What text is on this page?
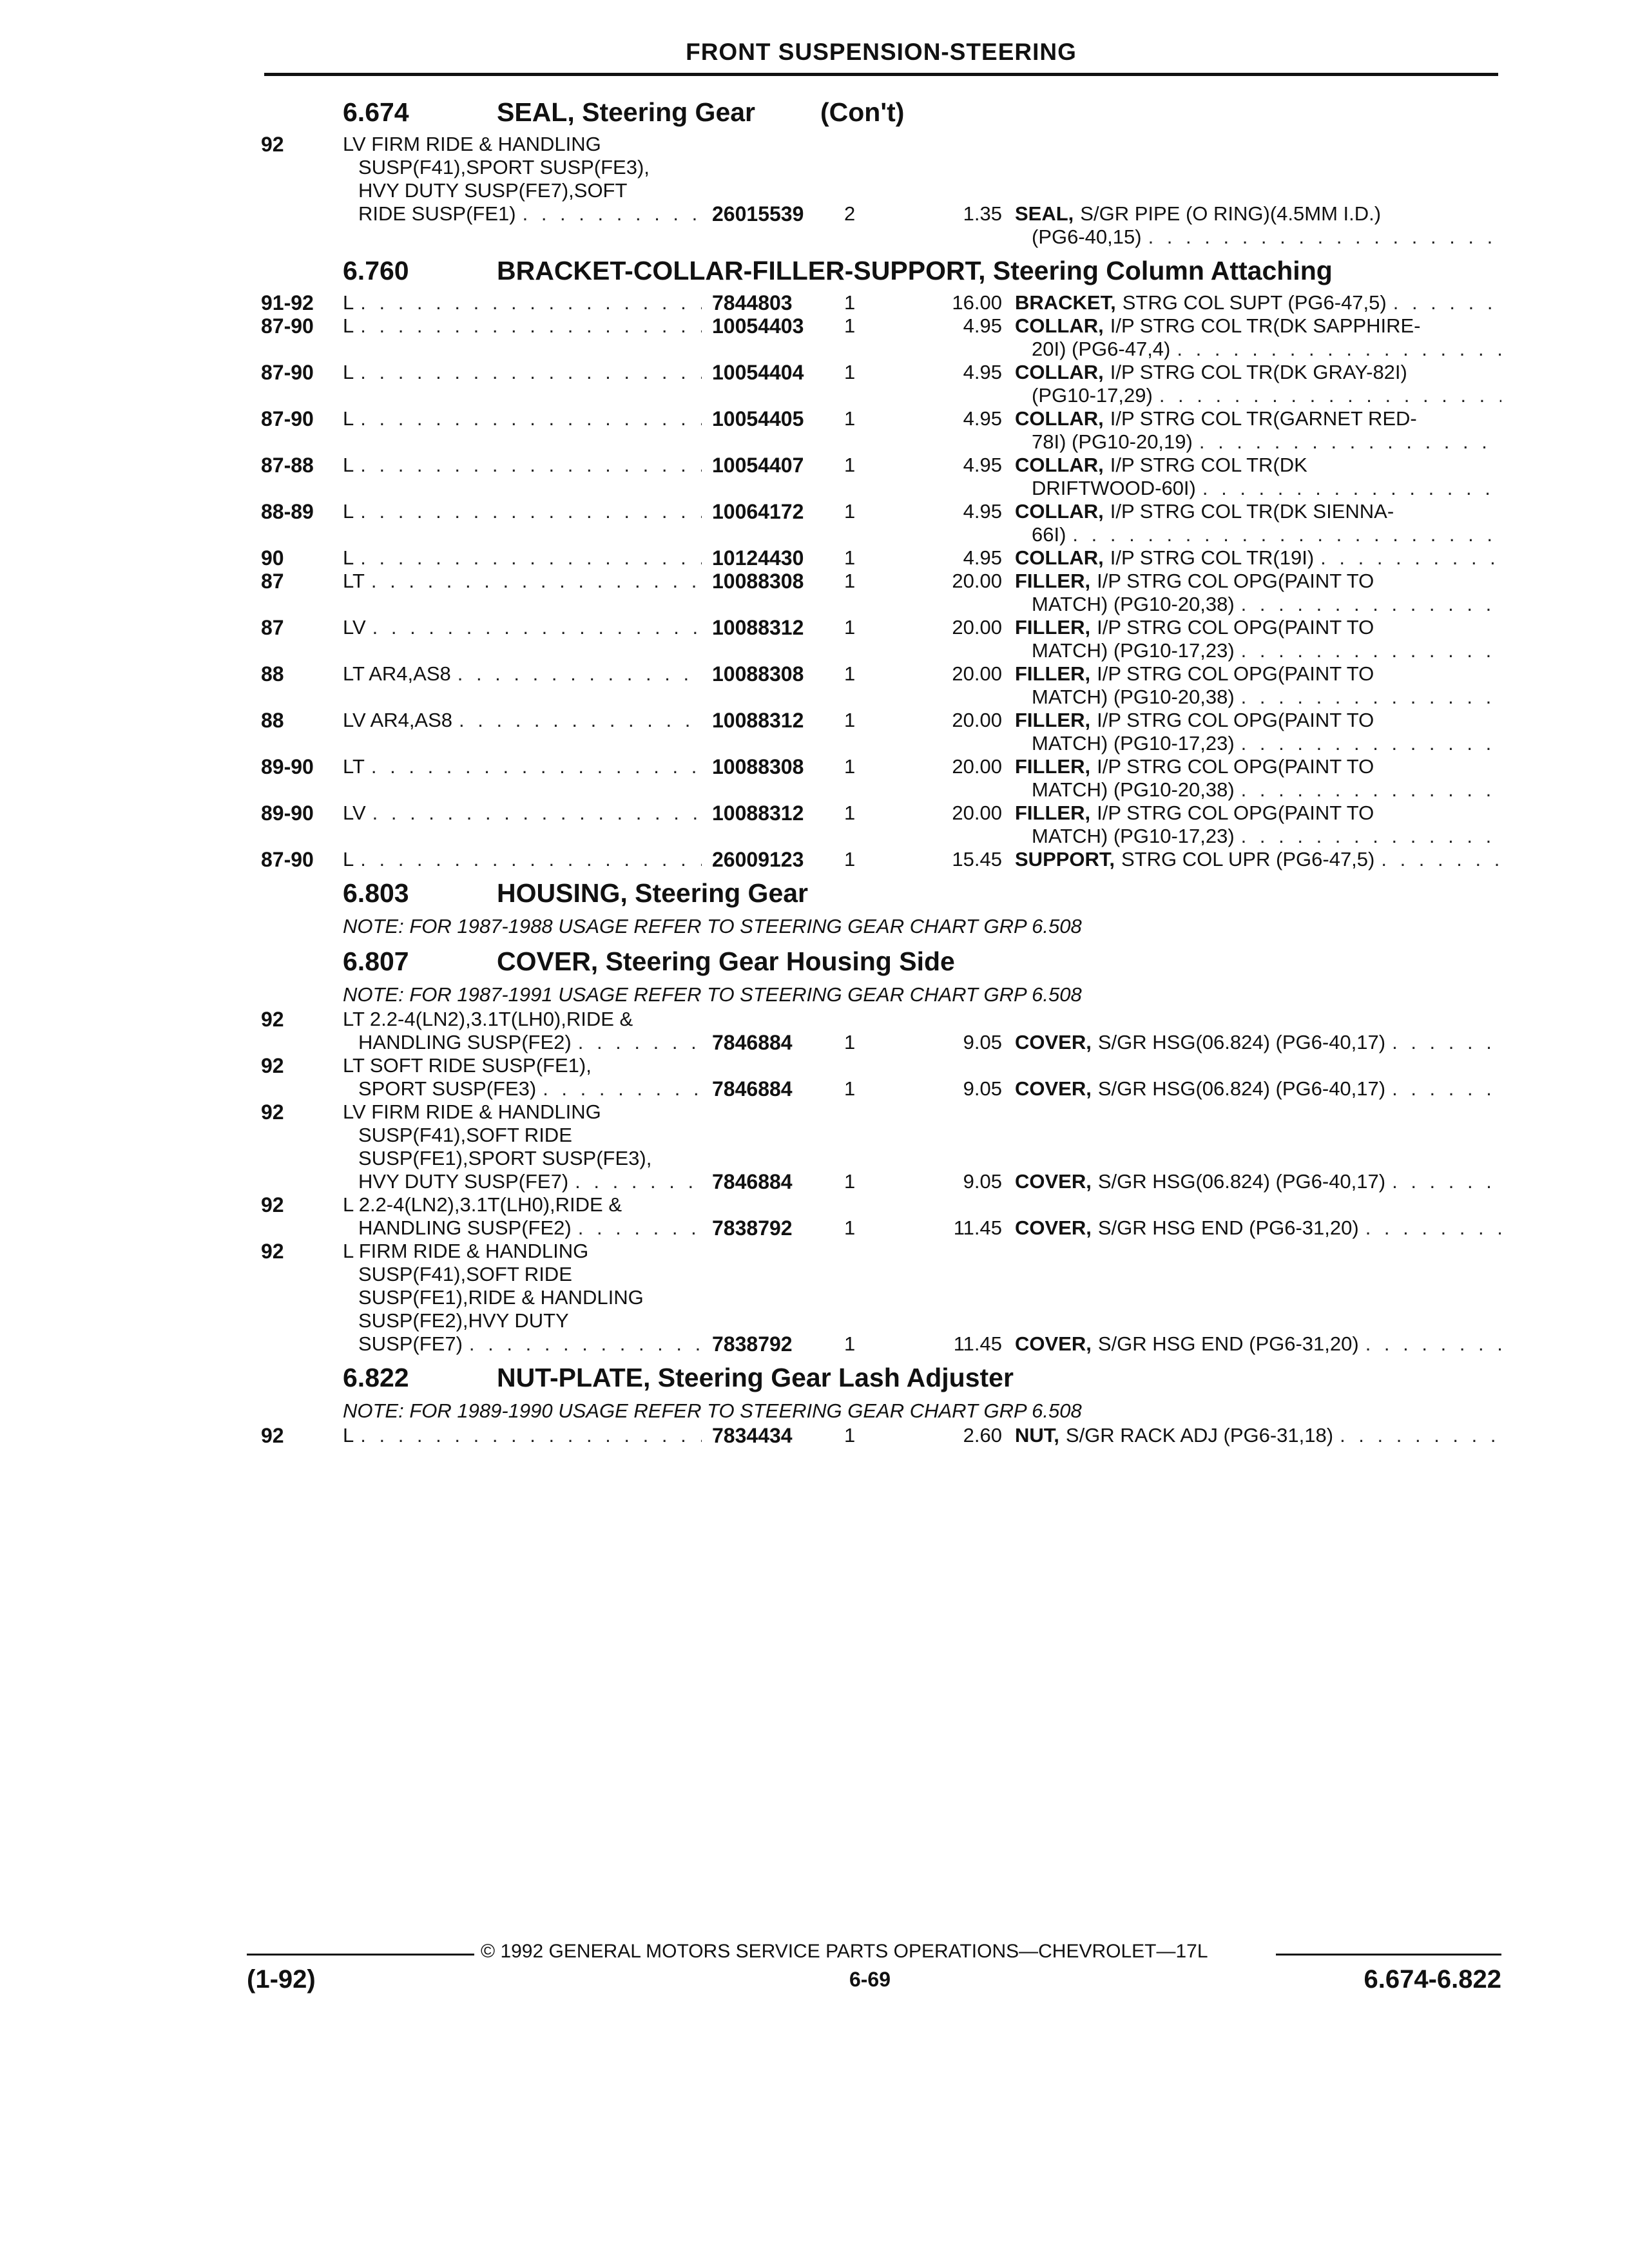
FRONT SUSPENSION-STEERING
6.674	SEAL, Steering Gear (Con't)
92	LV FIRM RIDE & HANDLING
SUSP(F41),SPORT SUSP(FE3),
HVY DUTY SUSP(FE7),SOFT
RIDE SUSP(FE1) . . .	26015539	2	1.35 SEAL, S/GR PIPE (O RING)(4.5MM I.D.)
(PG6-40,15)
. . .
6.760	BRACKET-COLLAR-FILLER-SUPPORT, Steering Column Attaching
91-92	L . . .	7844803	1	16.00 BRACKET, STRG COL SUPT (PG6-47,5)
. . .
87-90	L . . .	10054403	1	4.95 COLLAR, I/P STRG COL TR(DK SAPPHIRE-
20I) (PG6-47,4)
. . .
87-90	L . . .	10054404	1	4.95 COLLAR, I/P STRG COL TR(DK GRAY-82I)
(PG10-17,29)
. . .
87-90	L . . .	10054405	1	4.95 COLLAR, I/P STRG COL TR(GARNET RED-
78I) (PG10-20,19)
. . .
87-88	L . . .	10054407	1	4.95 COLLAR, I/P STRG COL TR(DK
DRIFTWOOD-60I)
. . .
88-89	L . . .	10064172	1	4.95 COLLAR, I/P STRG COL TR(DK SIENNA-
66I)
. . .
90	L . . .	10124430	1	4.95 COLLAR, I/P STRG COL TR(19I)
. . .
87	LT . . .	10088308	1	20.00 FILLER, I/P STRG COL OPG(PAINT TO
MATCH) (PG10-20,38)
. . .
87	LV . . .	10088312	1	20.00 FILLER, I/P STRG COL OPG(PAINT TO
MATCH) (PG10-17,23)
. . .
88	LT AR4,AS8 . . .	10088308	1	20.00 FILLER, I/P STRG COL OPG(PAINT TO
MATCH) (PG10-20,38)
. . .
88	LV AR4,AS8 . . .	10088312	1	20.00 FILLER, I/P STRG COL OPG(PAINT TO
MATCH) (PG10-17,23)
. . .
89-90	LT . . .	10088308	1	20.00 FILLER, I/P STRG COL OPG(PAINT TO
MATCH) (PG10-20,38)
. . .
89-90	LV . . .	10088312	1	20.00 FILLER, I/P STRG COL OPG(PAINT TO
MATCH) (PG10-17,23)
. . .
87-90	L . . .	26009123	1	15.45 SUPPORT, STRG COL UPR (PG6-47,5)
. . .
6.803	HOUSING, Steering Gear
NOTE: FOR 1987-1988 USAGE REFER TO STEERING GEAR CHART GRP 6.508
6.807	COVER, Steering Gear Housing Side
NOTE: FOR 1987-1991 USAGE REFER TO STEERING GEAR CHART GRP 6.508
92	LT 2.2-4(LN2),3.1T(LH0),RIDE &
HANDLING SUSP(FE2) . . .	7846884	1	9.05 COVER, S/GR HSG(06.824) (PG6-40,17)
. . .
92	LT SOFT RIDE SUSP(FE1),
SPORT SUSP(FE3) . . .	7846884	1	9.05 COVER, S/GR HSG(06.824) (PG6-40,17)
. . .
92	LV FIRM RIDE & HANDLING
SUSP(F41),SOFT RIDE
SUSP(FE1),SPORT SUSP(FE3),
HVY DUTY SUSP(FE7) . . .	7846884	1	9.05 COVER, S/GR HSG(06.824) (PG6-40,17)
. . .
92	L 2.2-4(LN2),3.1T(LH0),RIDE &
HANDLING SUSP(FE2) . . .	7838792	1	11.45 COVER, S/GR HSG END (PG6-31,20)
. . .
92	L FIRM RIDE & HANDLING
SUSP(F41),SOFT RIDE
SUSP(FE1),RIDE & HANDLING
SUSP(FE2),HVY DUTY
SUSP(FE7) . . .	7838792	1	11.45 COVER, S/GR HSG END (PG6-31,20)
. . .
6.822	NUT-PLATE, Steering Gear Lash Adjuster
NOTE: FOR 1989-1990 USAGE REFER TO STEERING GEAR CHART GRP 6.508
92	L . . .	7834434	1	2.60 NUT, S/GR RACK ADJ (PG6-31,18)
. . .
© 1992 GENERAL MOTORS SERVICE PARTS OPERATIONS—CHEVROLET—17L
(1-92)	6-69	6.674-6.822
